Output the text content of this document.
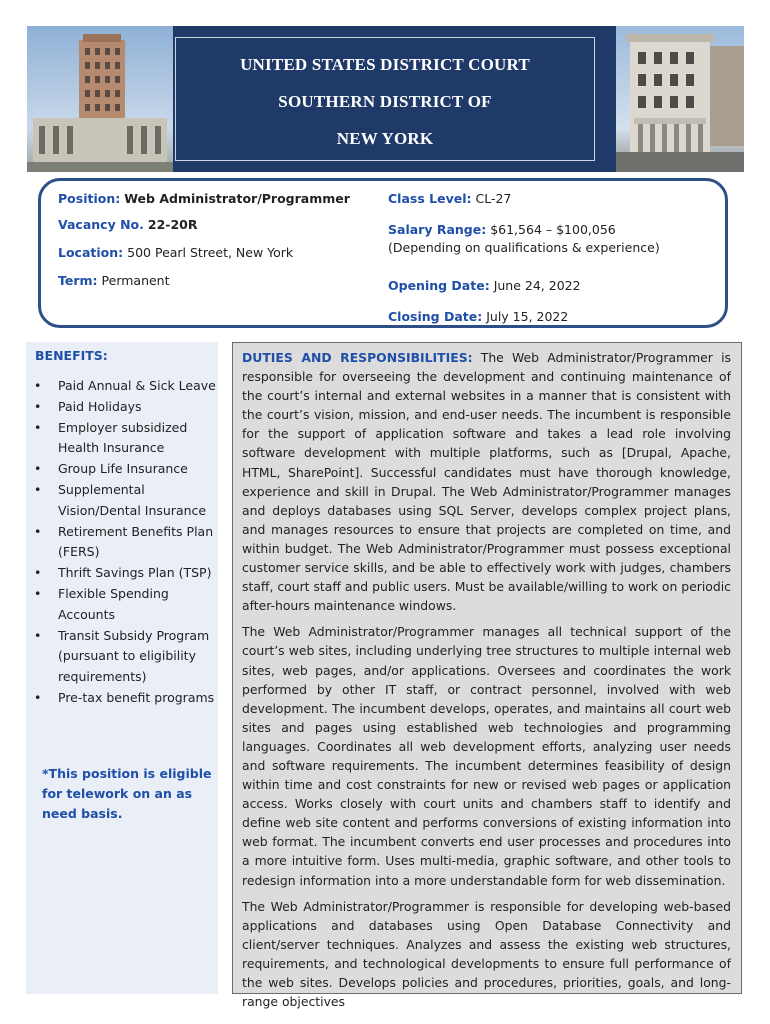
UNITED STATES DISTRICT COURT
SOUTHERN DISTRICT OF
NEW YORK
Position: Web Administrator/Programmer
Vacancy No. 22-20R
Location: 500 Pearl Street, New York
Term: Permanent
Class Level: CL-27
Salary Range: $61,564 – $100,056
(Depending on qualifications & experience)
Opening Date: June 24, 2022
Closing Date: July 15, 2022
BENEFITS:
• Paid Annual & Sick Leave
• Paid Holidays
• Employer subsidized Health Insurance
• Group Life Insurance
• Supplemental Vision/Dental Insurance
• Retirement Benefits Plan (FERS)
• Thrift Savings Plan (TSP)
• Flexible Spending Accounts
• Transit Subsidy Program (pursuant to eligibility requirements)
• Pre-tax benefit programs
*This position is eligible for telework on an as need basis.

DUTIES AND RESPONSIBILITIES: The Web Administrator/Programmer is responsible for overseeing the development and continuing maintenance of the court’s internal and external websites in a manner that is consistent with the court’s vision, mission, and end-user needs. The incumbent is responsible for the support of application software and takes a lead role involving software development with multiple platforms, such as [Drupal, Apache, HTML, SharePoint]. Successful candidates must have thorough knowledge, experience and skill in Drupal. The Web Administrator/Programmer manages and deploys databases using SQL Server, develops complex project plans, and manages resources to ensure that projects are completed on time, and within budget. The Web Administrator/Programmer must possess exceptional customer service skills, and be able to effectively work with judges, chambers staff, court staff and public users. Must be available/willing to work on periodic after-hours maintenance windows.

The Web Administrator/Programmer manages all technical support of the court’s web sites, including underlying tree structures to multiple internal web sites, web pages, and/or applications. Oversees and coordinates the work performed by other IT staff, or contract personnel, involved with web development. The incumbent develops, operates, and maintains all court web sites and pages using established web technologies and programming languages. Coordinates all web development efforts, analyzing user needs and software requirements. The incumbent determines feasibility of design within time and cost constraints for new or revised web pages or application access. Works closely with court units and chambers staff to identify and define web site content and performs conversions of existing information into web format. The incumbent converts end user processes and procedures into a more intuitive form. Uses multi-media, graphic software, and other tools to redesign information into a more understandable form for web dissemination.

The Web Administrator/Programmer is responsible for developing web-based applications and databases using Open Database Connectivity and client/server techniques. Analyzes and assess the existing web structures, requirements, and technological developments to ensure full performance of the web sites. Develops policies and procedures, priorities, goals, and long-range objectives
